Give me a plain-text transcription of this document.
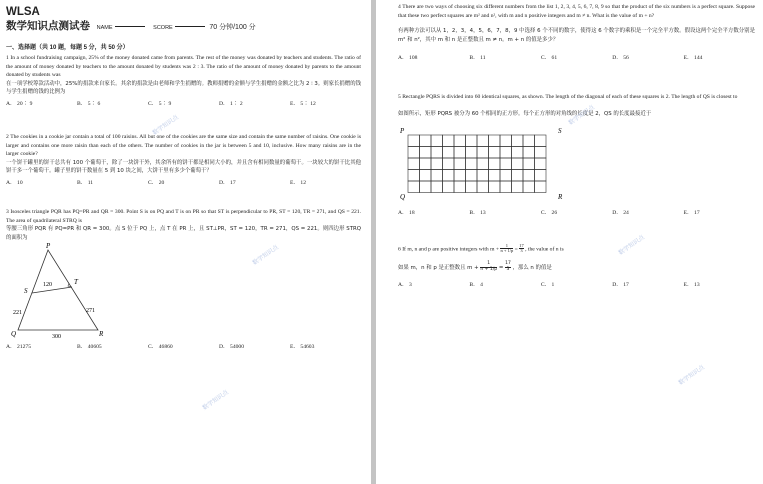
WLSA
数学知识点测试卷 NAME	SCORE	70 分钟/100 分
一、选择题（共 10 题，每题 5 分，共 50 分）

1 In a school fundraising campaign, 25% of the money donated came from parents. The rest of the money was donated by teachers and students. The ratio of the amount of money donated by teachers to the amount donated by students was 2 : 3. The ratio of the amount of money donated by parents to the amount donated by students was

在一项学校筹款活动中，25%的捐款来自家长。其余的捐款是由老师和学生捐赠的。教师捐赠的金额与学生捐赠的金额之比为 2 ∶ 3。则家长捐赠的钱与学生捐赠的钱的比例为

A． 20∶ 9	B． 5∶ 6	C． 5∶ 9	D． 1∶ 2	E． 5∶ 12

2 The cookies in a cookie jar contain a total of 100 raisins. All but one of the cookies are the same size and contain the same number of raisins. One cookie is larger and contains one more raisin than each of the others. The number of cookies in the jar is between 5 and 10, inclusive. How many raisins are in the larger cookie?

一个饼干罐里的饼干总共有 100 个葡萄干，除了一块饼干外，其余所有的饼干都是相同大小的，并且含有相同数量的葡萄干。一块较大的饼干比其他饼干多一个葡萄干。罐子里的饼干数量在 5 到 10 块之间，大饼干里有多少个葡萄干？

A． 10	B． 11	C． 20	D． 17	E． 12

3 Isosceles triangle PQR has PQ=PR and QR = 300. Point S is on PQ and T is on PR so that ST is perpendicular to PR, ST = 120, TR = 271, and QS = 221. The area of quadrilateral STRQ is

等腰三角形 PQR 有 PQ=PR 和 QR = 300。点 S 位于 PQ 上，点 T 在 PR 上，且 ST⊥PR，ST = 120，TR = 271，QS = 221。则四边形 STRQ 的面积为

P
S
T
Q	R
120
221	271
300
A． 21275	B． 40605	C． 46860	D． 54000	E． 54603
数学知识点
数学知识点
数学知识点

4 There are two ways of choosing six different numbers from the list 1, 2, 3, 4, 5, 6, 7, 8, 9 so that the product of the six numbers is a perfect square. Suppose that these two perfect squares are m² and n², with m and n positive integers and m ≠ n. What is the value of m + n?

有两种方法可以从 1，2，3，4，5，6，7，8，9 中选择 6 个不同的数字，使得这 6 个数字的乘积是一个完全平方数。假设这两个完全平方数分别是 m² 和 n²，其中 m 和 n 是正整数且 m ≠ n。m + n 的值是多少？

A． 108	B． 11	C． 61	D． 56	E． 144

5 Rectangle PQRS is divided into 60 identical squares, as shown. The length of the diagonal of each of these squares is 2. The length of QS is closest to

如图所示，矩形 PQRS 被分为 60 个相同的正方形。每个正方形的对角线的长度是 2，QS 的长度最接近于

P	S
Q	R
A． 18	B． 13	C． 26	D． 24	E． 17

6 If m, n and p are positive integers with $m + \frac{1}{n + 1/p} = \frac{17}{3}$ , the value of n is

如果 m，n 和 p 是正整数且 $m + \frac{1}{n + 1/p} = \frac{17}{3}$ ，那么 n 的值是

A． 3	B． 4	C． 1	D． 17	E． 13
数学知识点
数学知识点
数学知识点
